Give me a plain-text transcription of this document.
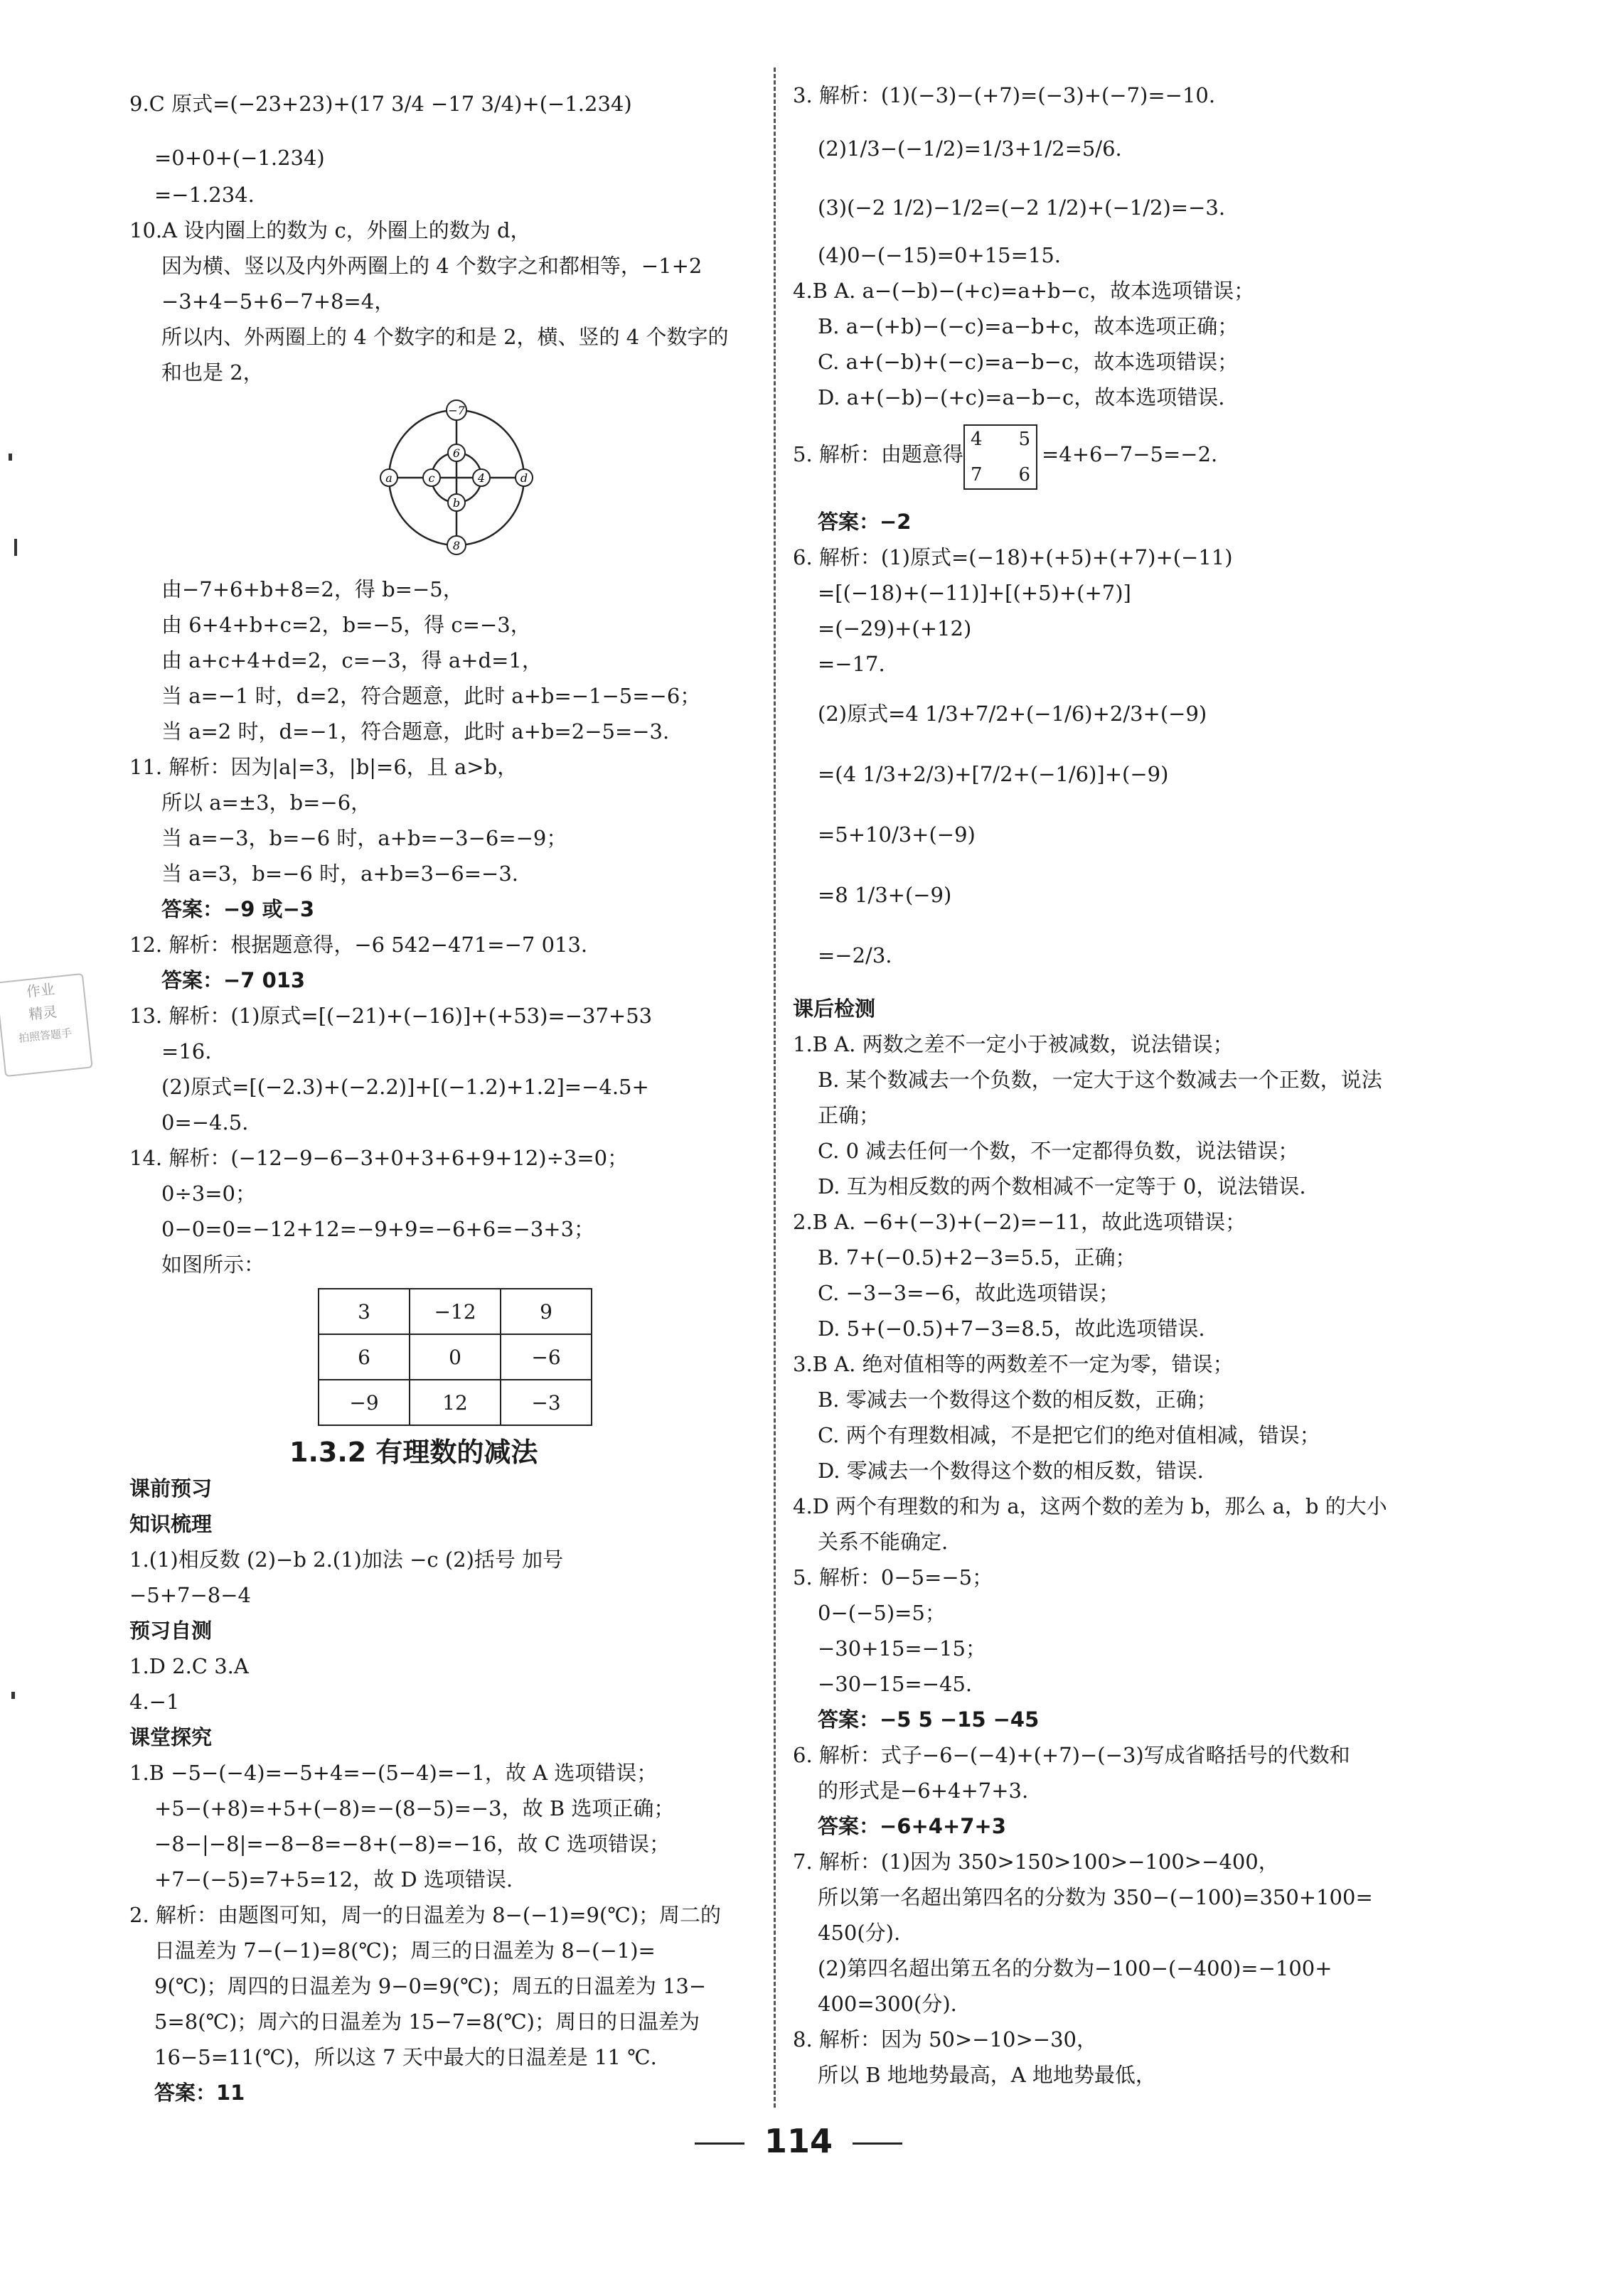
作业
精灵
拍照答题手
9.C 原式=(−23+23)+(17 3/4 −17 3/4)+(−1.234)
=0+0+(−1.234)
=−1.234.
10.A 设内圈上的数为 c，外圈上的数为 d，
因为横、竖以及内外两圈上的 4 个数字之和都相等，−1+2
−3+4−5+6−7+8=4，
所以内、外两圈上的 4 个数字的和是 2，横、竖的 4 个数字的
和也是 2，
−7
6
a	c	4	d
b
8
由−7+6+b+8=2，得 b=−5，
由 6+4+b+c=2，b=−5，得 c=−3，
由 a+c+4+d=2，c=−3，得 a+d=1，
当 a=−1 时，d=2，符合题意，此时 a+b=−1−5=−6；
当 a=2 时，d=−1，符合题意，此时 a+b=2−5=−3.
11. 解析：因为|a|=3，|b|=6，且 a>b，
所以 a=±3，b=−6，
当 a=−3，b=−6 时，a+b=−3−6=−9；
当 a=3，b=−6 时，a+b=3−6=−3.
答案：−9 或−3
12. 解析：根据题意得，−6 542−471=−7 013.
答案：−7 013
13. 解析：(1)原式=[(−21)+(−16)]+(+53)=−37+53
=16.
(2)原式=[(−2.3)+(−2.2)]+[(−1.2)+1.2]=−4.5+
0=−4.5.
14. 解析：(−12−9−6−3+0+3+6+9+12)÷3=0；
0÷3=0；
0−0=0=−12+12=−9+9=−6+6=−3+3；
如图所示：
3	−12	9
6	0	−6
−9	12	−3
1.3.2 有理数的减法
课前预习
知识梳理
1.(1)相反数 (2)−b 2.(1)加法 −c (2)括号 加号
−5+7−8−4
预习自测
1.D 2.C 3.A
4.−1
课堂探究
1.B −5−(−4)=−5+4=−(5−4)=−1，故 A 选项错误；
+5−(+8)=+5+(−8)=−(8−5)=−3，故 B 选项正确；
−8−|−8|=−8−8=−8+(−8)=−16，故 C 选项错误；
+7−(−5)=7+5=12，故 D 选项错误.
2. 解析：由题图可知，周一的日温差为 8−(−1)=9(℃)；周二的
日温差为 7−(−1)=8(℃)；周三的日温差为 8−(−1)=
9(℃)；周四的日温差为 9−0=9(℃)；周五的日温差为 13−
5=8(℃)；周六的日温差为 15−7=8(℃)；周日的日温差为
16−5=11(℃)，所以这 7 天中最大的日温差是 11 ℃.
答案：11
3. 解析：(1)(−3)−(+7)=(−3)+(−7)=−10.
(2)1/3−(−1/2)=1/3+1/2=5/6.
(3)(−2 1/2)−1/2=(−2 1/2)+(−1/2)=−3.
(4)0−(−15)=0+15=15.
4.B A. a−(−b)−(+c)=a+b−c，故本选项错误；
B. a−(+b)−(−c)=a−b+c，故本选项正确；
C. a+(−b)+(−c)=a−b−c，故本选项错误；
D. a+(−b)−(+c)=a−b−c，故本选项错误.
5. 解析：由题意得
4 5
7 6
=4+6−7−5=−2.
答案：−2
6. 解析：(1)原式=(−18)+(+5)+(+7)+(−11)
=[(−18)+(−11)]+[(+5)+(+7)]
=(−29)+(+12)
=−17.
(2)原式=4 1/3+7/2+(−1/6)+2/3+(−9)
=(4 1/3+2/3)+[7/2+(−1/6)]+(−9)
=5+10/3+(−9)
=8 1/3+(−9)
=−2/3.
课后检测
1.B A. 两数之差不一定小于被减数，说法错误；
B. 某个数减去一个负数，一定大于这个数减去一个正数，说法
正确；
C. 0 减去任何一个数，不一定都得负数，说法错误；
D. 互为相反数的两个数相减不一定等于 0，说法错误.
2.B A. −6+(−3)+(−2)=−11，故此选项错误；
B. 7+(−0.5)+2−3=5.5，正确；
C. −3−3=−6，故此选项错误；
D. 5+(−0.5)+7−3=8.5，故此选项错误.
3.B A. 绝对值相等的两数差不一定为零，错误；
B. 零减去一个数得这个数的相反数，正确；
C. 两个有理数相减，不是把它们的绝对值相减，错误；
D. 零减去一个数得这个数的相反数，错误.
4.D 两个有理数的和为 a，这两个数的差为 b，那么 a，b 的大小
关系不能确定.
5. 解析：0−5=−5；
0−(−5)=5；
−30+15=−15；
−30−15=−45.
答案：−5 5 −15 −45
6. 解析：式子−6−(−4)+(+7)−(−3)写成省略括号的代数和
的形式是−6+4+7+3.
答案：−6+4+7+3
7. 解析：(1)因为 350>150>100>−100>−400，
所以第一名超出第四名的分数为 350−(−100)=350+100=
450(分).
(2)第四名超出第五名的分数为−100−(−400)=−100+
400=300(分).
8. 解析：因为 50>−10>−30，
所以 B 地地势最高，A 地地势最低，
114
